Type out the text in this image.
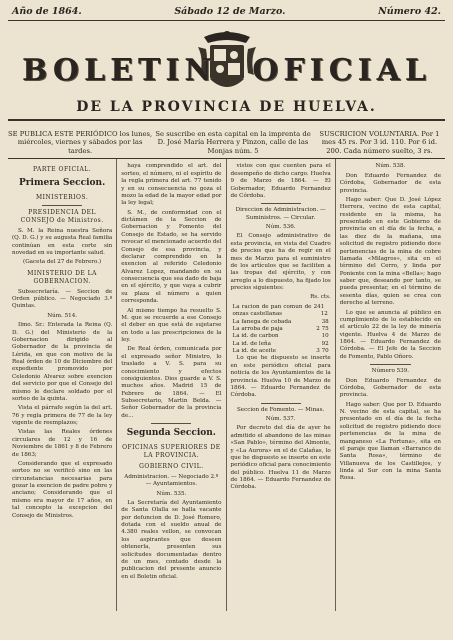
Año de 1864.	Sábado 12 de Marzo.	Número 42.
BOLETIN OFICIAL
DE LA PROVINCIA DE HUELVA.
SE PUBLICA ESTE PERIÓDICO los lunes, miércoles, viernes y sábados por las tardes.
Se suscribe en esta capital en la imprenta de D. José María Herrera y Pinzon, calle de las Monjas núm. 5
SUSCRICION VOLUNTARIA. Por 1 mes 45 rs. Por 3 id. 110. Por 6 id. 200. Cada número suelto, 3 rs.
PARTE OFICIAL.
Primera Seccion.
MINISTERIOS.
PRESIDENCIA DEL CONSEJO de Ministros.

S. M. la Reina nuestra Señora (Q. D. G.) y su augusta Real familia continúan en esta corte sin novedad en su importante salud.

(Gaceta del 27 de Febrero.)

MINISTERIO DE LA GOBERNACION.

Subsecretaría. — Seccion de Orden público. — Negociado 3.º Quintas.

Núm. 514.

Ilmo. Sr.: Enterada la Reina (Q. D. G.) del Ministerio de la Gobernacion dirigido al Gobernador de la provincia de Lérida, en que con motivo de la Real órden de 10 de Diciembre del expediente promovido por Celedonio Alvarez sobre exencion del servicio por que el Consejo del mismo le declare soldado por el sorteo de la quinta.

Vista el párrafo según la del art. 76 y regla primera de 77 de la ley vigente de reemplazos;

Vistas las Reales órdenes circulares de 12 y 16 de Noviembre de 1861 y 8 de Febrero de 1863;

Considerando que el expresado sorteo no se verificó sino en las circunstancias necesarias para gozar la exencion de padre pobre y anciano; Considerando que el mismo era mayor de 17 años, en tal concepto la excepcion del Consejo de Ministros.

haya comprendido el art. del sorteo, el número, ni el espíritu de la regla primera del art. 77 tenido y en su consecuencia no goza el mozo la edad de la mayor edad por la ley legal;

S. M., de conformidad con el dictámen de la Seccion de Gobernacion y Fomento del Consejo de Estado, se ha servido revocar el mencionado acuerdo del Consejo de esa provincia, y declarar comprendido en la exencion al referido Celedonio Alvarez Lopez, mandando en su consecuencia que sea dado de baja en el ejército, y que vaya a cubrir su plaza el número a quien corresponda.

Al mismo tiempo ha resuelto S. M. que se recuerde a ese Consejo el deber en que está de sujetarse en todo a las prescripciones de la ley.

De Real órden, comunicada por el expresado señor Ministro, lo traslado a V. S. para su conocimiento y efectos consiguientes. Dios guarde a V. S. muchos años. Madrid 15 de Febrero de 1864. — El Subsecretario, Martin Belda. — Señor Gobernador de la provincia de...

Segunda Seccion.
OFICINAS SUPERIORES DE LA PROVINCIA.
GOBIERNO CIVIL.

Administracion. — Negociado 2.º — Ayuntamientos.

Núm. 535.

La Secretaría del Ayuntamiento de Santa Olalla se halla vacante por defuncion de D. José Romero, dotada con el sueldo anual de 4.380 reales vellon, se convocan los aspirantes que deseen obtenerla, presenten sus solicitudes documentadas dentro de un mes, contado desde la publicacion del presente anuncio en el Boletin oficial.

vistos con que cuenten para el desempeño de dicho cargo. Huelva 9 de Marzo de 1864. — El Gobernador, Eduardo Fernandez de Córdoba.

Direccion de Administracion. — Suministros. — Circular.

Núm. 536.

El Consejo administrativo de esta provincia, en vista del Cuadro de precios que ha de regir en el mes de Marzo para el suministro de los artículos que se faciliten a las tropas del ejército, y con arreglo a lo dispuesto, ha fijado los precios siguientes:

Rs. cts.

La racion de pan comun de 24 onzas castellanas
1 12
La fanega de cebada	38
La arroba de paja	2 75
La id. de carbon	10
La id. de leña	92
La id. de aceite	3 70

Lo que he dispuesto se inserte en este periódico oficial para noticia de los Ayuntamientos de la provincia. Huelva 10 de Marzo de 1864. — Eduardo Fernandez de Córdoba.

Seccion de Fomento. — Minas.

Núm. 537.

Por decreto del día de ayer he admitido el abandono de las minas «San Pablo», término del Almonte, y «La Aurora» en el de Calañas, lo que he dispuesto se inserte en este periódico oficial para conocimiento del público. Huelva 11 de Marzo de 1864. — Eduardo Fernandez de Córdoba.

Núm. 538.

Don Eduardo Fernandez de Córdoba, Gobernador de esta provincia.

Hago saber: Que D. José López Herrera, vecino de esta capital, residente en la misma, ha presentado en este Gobierno de provincia en el día de la fecha, a las diez de la mañana, una solicitud de registro pidiendo doce pertenencias de la mina de cobre llamada «Milagros», sita en el término del Cerro, y linda por Poniente con la mina «Bella»; hago saber que, deseando por tanto, se pueda presentar, en el término de sesenta días, quien se crea con derecho al terreno.

Lo que se anuncia al público en cumplimiento de lo establecido en el artículo 22 de la ley de minería vigente. Huelva 4 de Marzo de 1864. — Eduardo Fernandez de Córdoba. — El Jefe de la Seccion de Fomento, Pablo Oñoro.

Número 539.

Don Eduardo Fernandez de Córdoba, Gobernador de esta provincia.

Hago saber: Que por D. Eduardo N. vecino de esta capital, se ha presentado en el día de la fecha solicitud de registro pidiendo doce pertenencias de la mina de manganeso «La Fortuna», sita en el paraje que llaman «Barranco de Santa Rosa», término de Villanueva de los Castillejos, y linda al Sur con la mina Santa Rosa.
